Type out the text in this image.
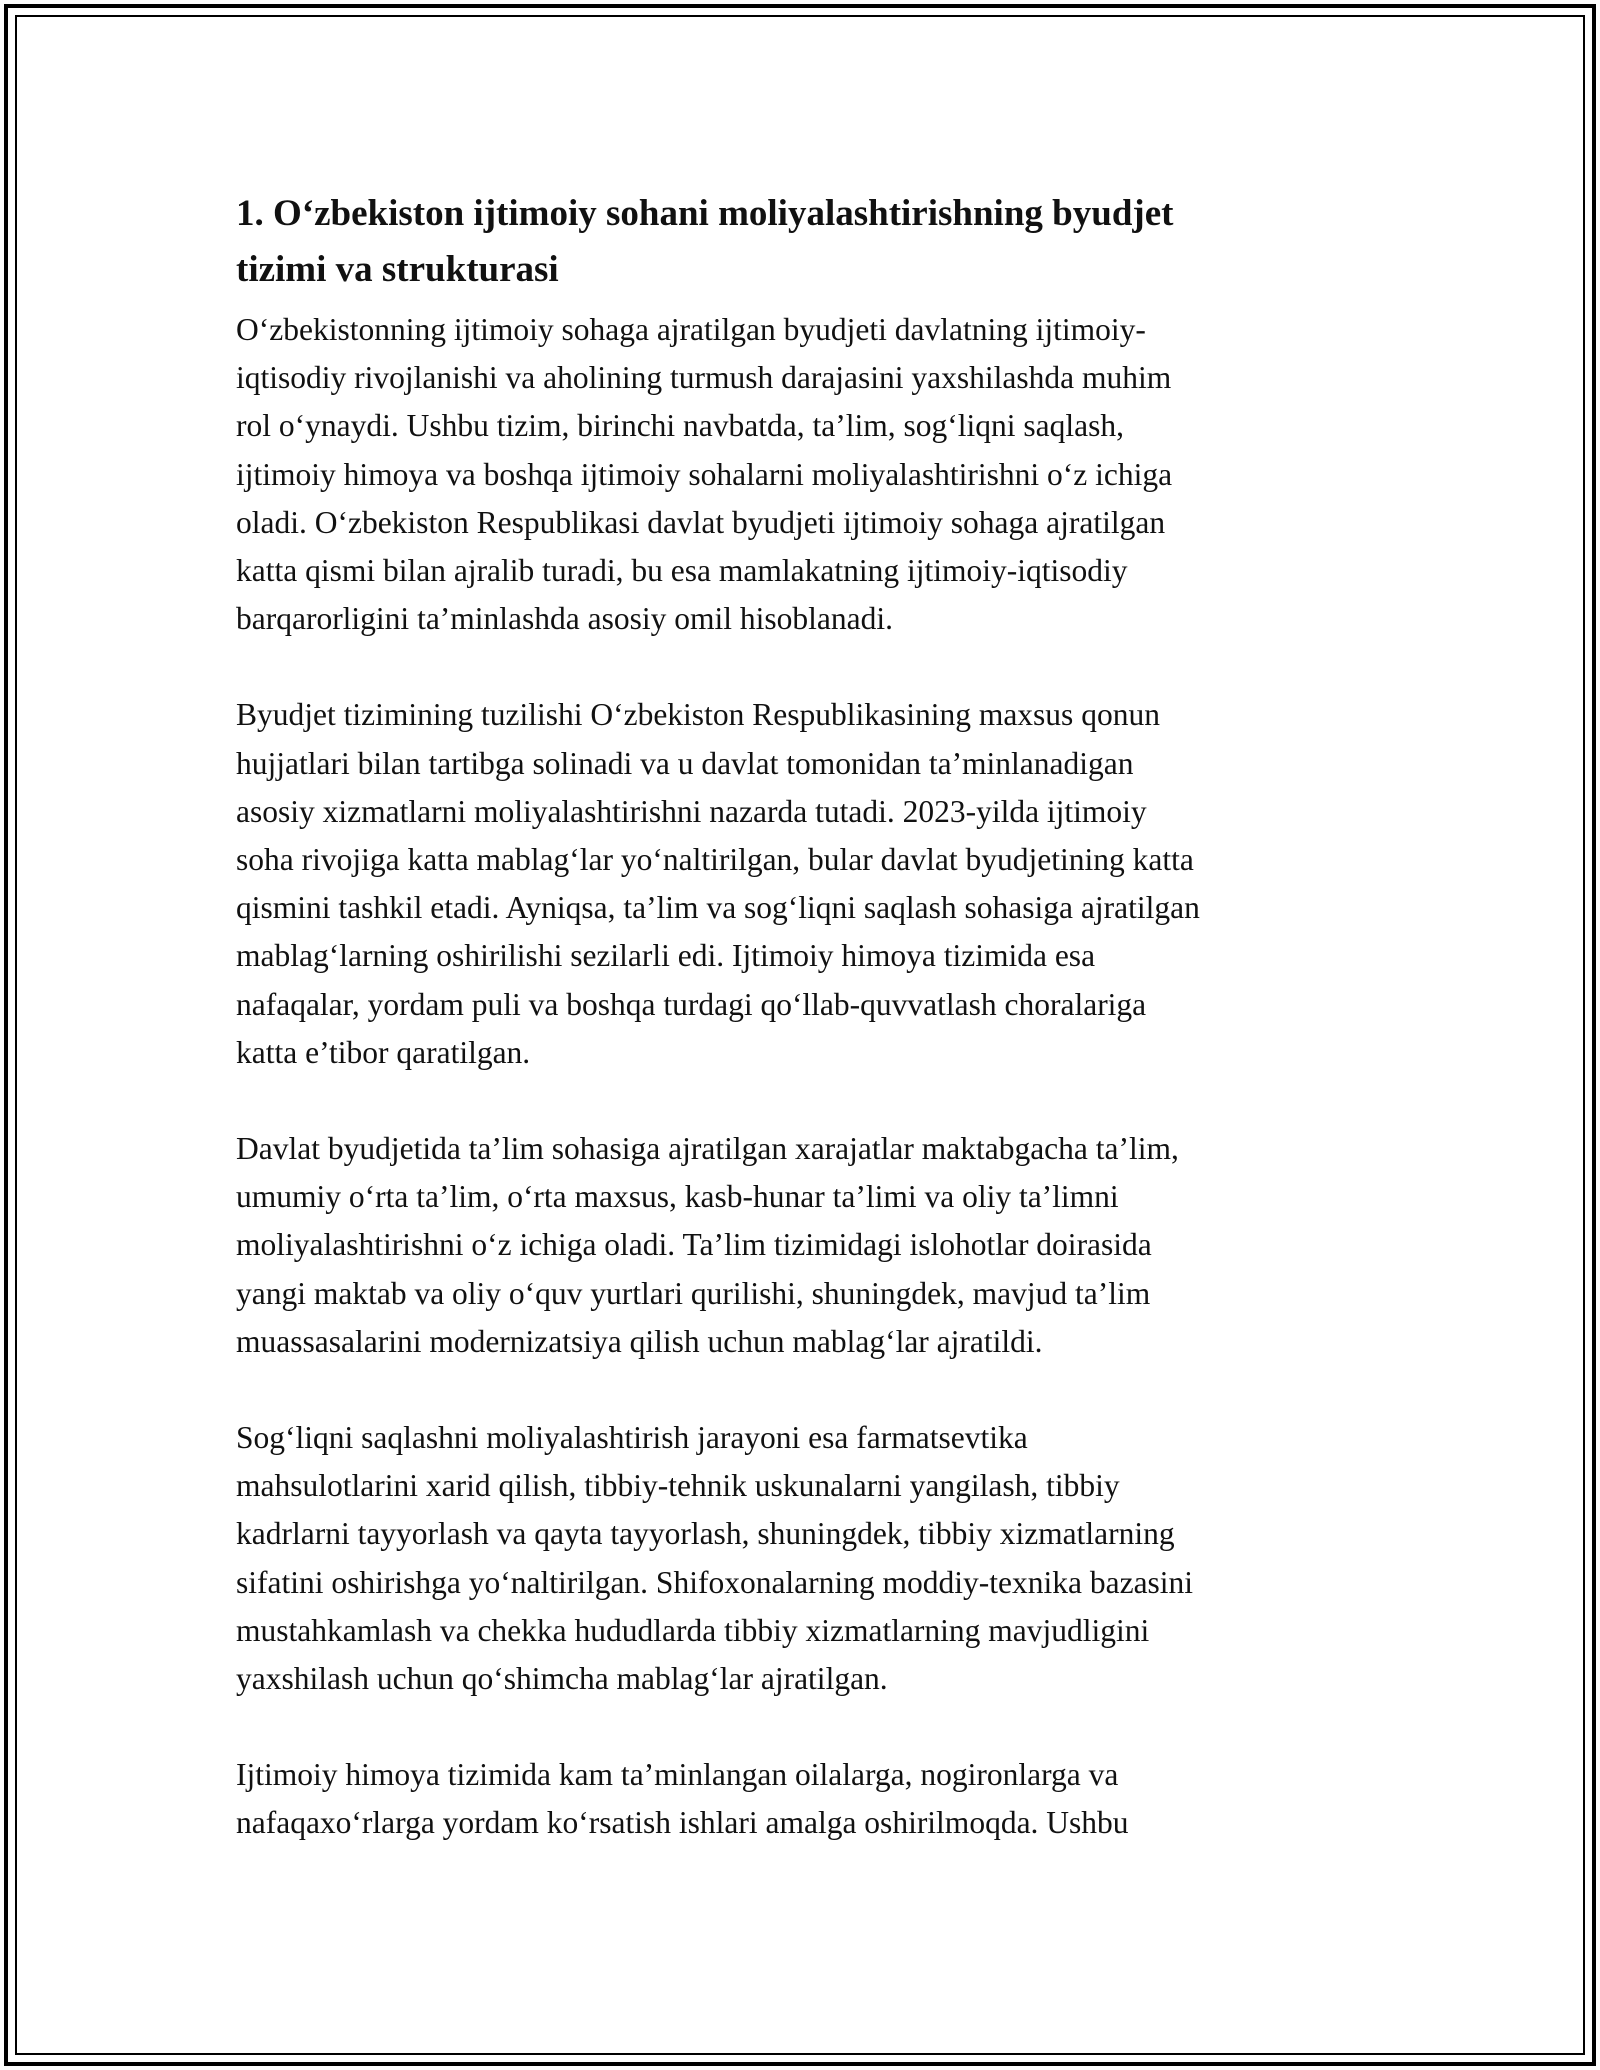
1. O‘zbekiston ijtimoiy sohani moliyalashtirishning byudjet
tizimi va strukturasi

O‘zbekistonning ijtimoiy sohaga ajratilgan byudjeti davlatning ijtimoiy-
iqtisodiy rivojlanishi va aholining turmush darajasini yaxshilashda muhim
rol o‘ynaydi. Ushbu tizim, birinchi navbatda, ta’lim, sog‘liqni saqlash,
ijtimoiy himoya va boshqa ijtimoiy sohalarni moliyalashtirishni o‘z ichiga
oladi. O‘zbekiston Respublikasi davlat byudjeti ijtimoiy sohaga ajratilgan
katta qismi bilan ajralib turadi, bu esa mamlakatning ijtimoiy-iqtisodiy
barqarorligini ta’minlashda asosiy omil hisoblanadi.

Byudjet tizimining tuzilishi O‘zbekiston Respublikasining maxsus qonun
hujjatlari bilan tartibga solinadi va u davlat tomonidan ta’minlanadigan
asosiy xizmatlarni moliyalashtirishni nazarda tutadi. 2023-yilda ijtimoiy
soha rivojiga katta mablag‘lar yo‘naltirilgan, bular davlat byudjetining katta
qismini tashkil etadi. Ayniqsa, ta’lim va sog‘liqni saqlash sohasiga ajratilgan
mablag‘larning oshirilishi sezilarli edi. Ijtimoiy himoya tizimida esa
nafaqalar, yordam puli va boshqa turdagi qo‘llab-quvvatlash choralariga
katta e’tibor qaratilgan.

Davlat byudjetida ta’lim sohasiga ajratilgan xarajatlar maktabgacha ta’lim,
umumiy o‘rta ta’lim, o‘rta maxsus, kasb-hunar ta’limi va oliy ta’limni
moliyalashtirishni o‘z ichiga oladi. Ta’lim tizimidagi islohotlar doirasida
yangi maktab va oliy o‘quv yurtlari qurilishi, shuningdek, mavjud ta’lim
muassasalarini modernizatsiya qilish uchun mablag‘lar ajratildi.

Sog‘liqni saqlashni moliyalashtirish jarayoni esa farmatsevtika
mahsulotlarini xarid qilish, tibbiy-tehnik uskunalarni yangilash, tibbiy
kadrlarni tayyorlash va qayta tayyorlash, shuningdek, tibbiy xizmatlarning
sifatini oshirishga yo‘naltirilgan. Shifoxonalarning moddiy-texnika bazasini
mustahkamlash va chekka hududlarda tibbiy xizmatlarning mavjudligini
yaxshilash uchun qo‘shimcha mablag‘lar ajratilgan.

Ijtimoiy himoya tizimida kam ta’minlangan oilalarga, nogironlarga va
nafaqaxo‘rlarga yordam ko‘rsatish ishlari amalga oshirilmoqda. Ushbu
